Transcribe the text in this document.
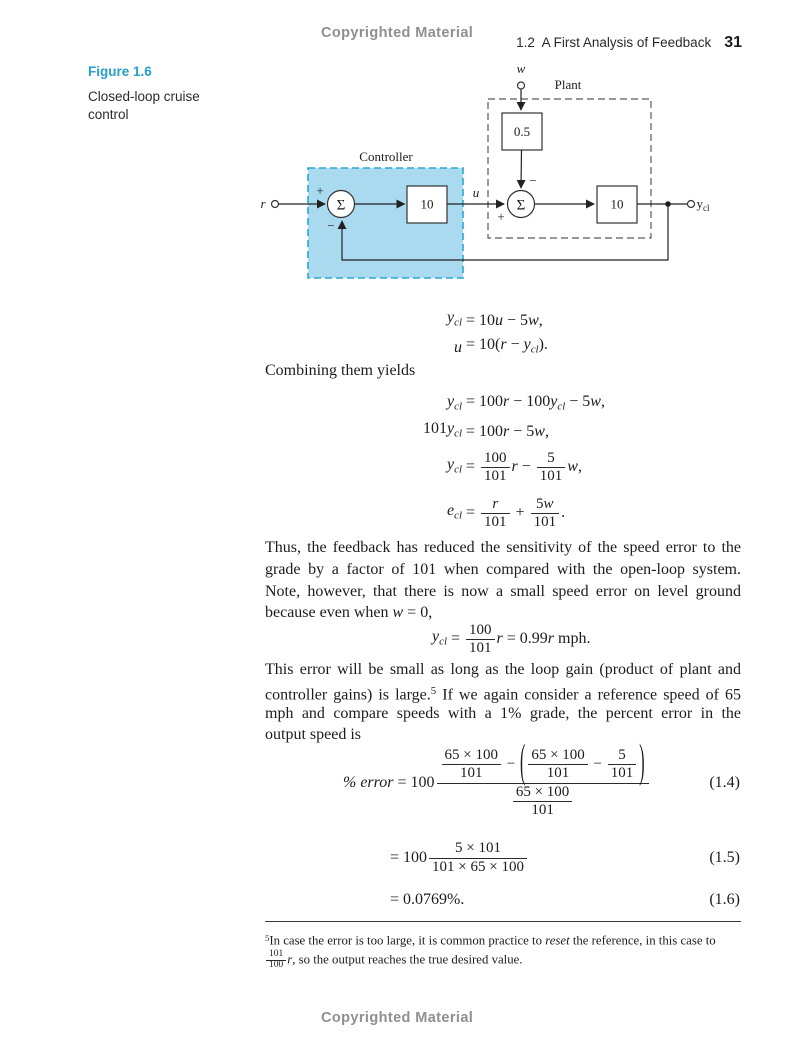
Copyrighted Material
1.2  A First Analysis of Feedback 31
Figure 1.6
Closed-loop cruise
control
w
Plant
0.5
−
Controller
r
+
Σ
−
10
u
+
Σ	10	$y_{cl}$
$y_{cl} = 10u - 5w$,
$u = 10(r - y_{cl})$.
Combining them yields
$y_{cl} = 100r - 100y_{cl} - 5w$,
$101y_{cl} = 100r - 5w$,
$y_{cl} = \frac{100}{101}$ $r - \frac{5}{101} w$,
$e_{cl} = \frac{r}{101} + \frac{5 w}{101}$ .
Thus, the feedback has reduced the sensitivity of the speed error to the
grade by a factor of 101 when compared with the open-loop system.
Note, however, that there is now a small speed error on level ground
because even when w = 0,
$y_{cl} = \frac{100}{101}$ r = 0.99r mph.
This error will be small as long as the loop gain (product of plant and
controller gains) is large.$^5$ If we again consider a reference speed of 65
mph and compare speeds with a 1% grade, the percent error in the
output speed is
% error = $100 \frac{\frac{65 \times 100}{101} - ( \frac{65 \times 100}{101} - \frac{5}{101} )}{\frac{65 \times 100}{101}}$	(1.4)
= $100 \frac{5 \times 101}{101 \times 65 \times 100}$	(1.5)
= 0.0769%.	(1.6)
$^5$In case the error is too large, it is common practice to reset the reference, in this case to
$\frac{101}{100} r$, so the output reaches the true desired value.
Copyrighted Material
